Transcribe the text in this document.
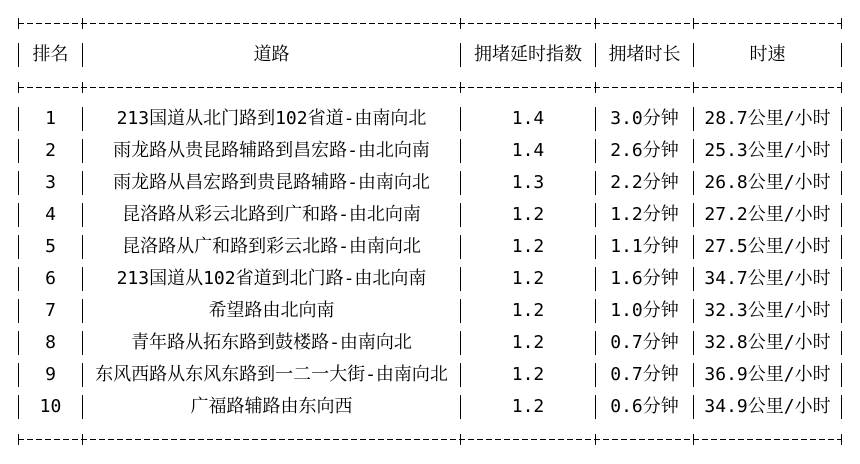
排名	道路	拥堵延时指数	拥堵时长	时速
1	213国道从北门路到102省道-由南向北	1.4	3.0分钟	28.7公里/小时
2	雨龙路从贵昆路辅路到昌宏路-由北向南	1.4	2.6分钟	25.3公里/小时
3	雨龙路从昌宏路到贵昆路辅路-由南向北	1.3	2.2分钟	26.8公里/小时
4	昆洛路从彩云北路到广和路-由北向南	1.2	1.2分钟	27.2公里/小时
5	昆洛路从广和路到彩云北路-由南向北	1.2	1.1分钟	27.5公里/小时
6	213国道从102省道到北门路-由北向南	1.2	1.6分钟	34.7公里/小时
7	希望路由北向南	1.2	1.0分钟	32.3公里/小时
8	青年路从拓东路到鼓楼路-由南向北	1.2	0.7分钟	32.8公里/小时
9	东风西路从东风东路到一二一大街-由南向北	1.2	0.7分钟	36.9公里/小时
10	广福路辅路由东向西	1.2	0.6分钟	34.9公里/小时
